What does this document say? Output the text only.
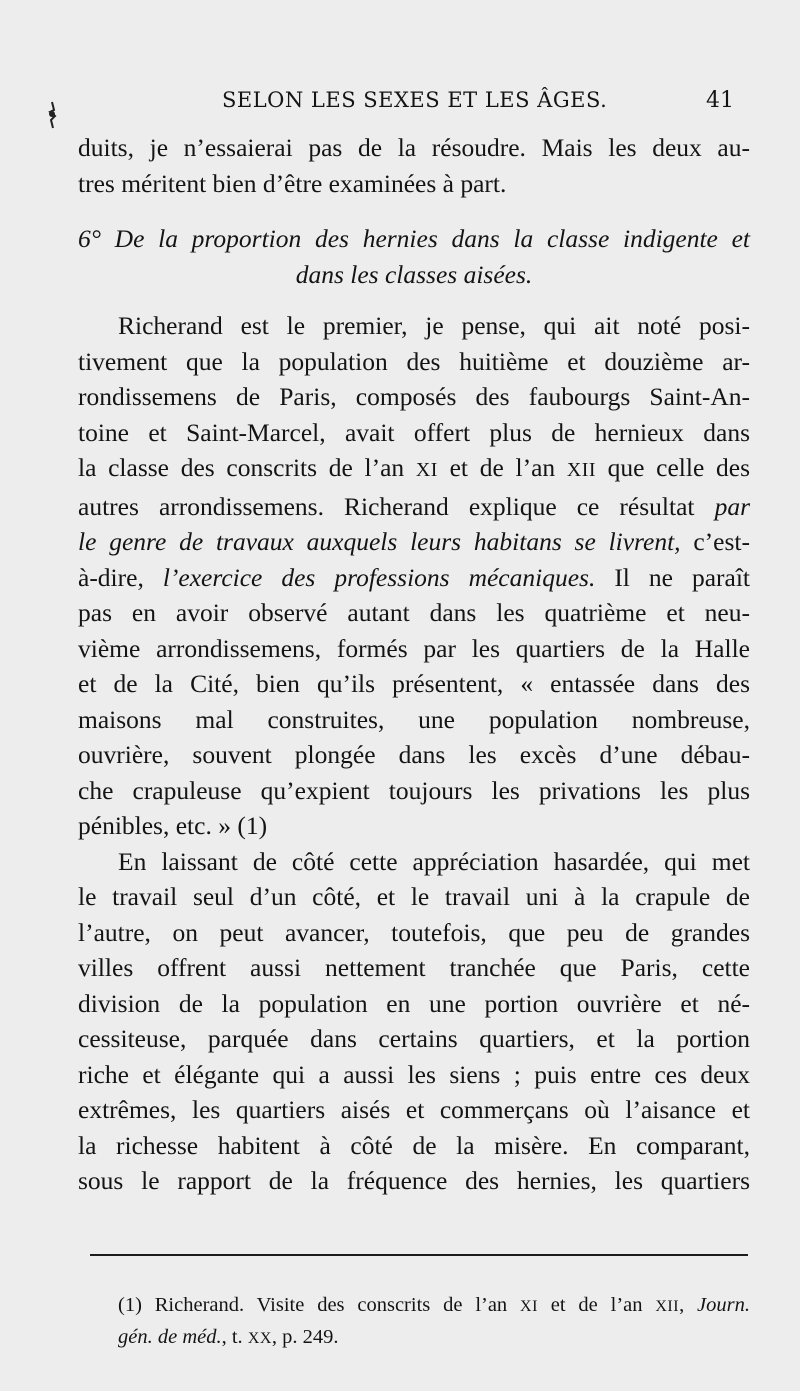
SELON LES SEXES ET LES ÂGES.	41
duits, je n’essaierai pas de la résoudre. Mais les deux au-
tres méritent bien d’être examinées à part.
6° De la proportion des hernies dans la classe indigente et
dans les classes aisées.
Richerand est le premier, je pense, qui ait noté posi-
tivement que la population des huitième et douzième ar-
rondissemens de Paris, composés des faubourgs Saint-An-
toine et Saint-Marcel, avait offert plus de hernieux dans
la classe des conscrits de l’an XI et de l’an XII que celle des
autres arrondissemens. Richerand explique ce résultat par
le genre de travaux auxquels leurs habitans se livrent, c’est-
à-dire, l’exercice des professions mécaniques. Il ne paraît
pas en avoir observé autant dans les quatrième et neu-
vième arrondissemens, formés par les quartiers de la Halle
et de la Cité, bien qu’ils présentent, « entassée dans des
maisons mal construites, une population nombreuse,
ouvrière, souvent plongée dans les excès d’une débau-
che crapuleuse qu’expient toujours les privations les plus
pénibles, etc. » (1)
En laissant de côté cette appréciation hasardée, qui met
le travail seul d’un côté, et le travail uni à la crapule de
l’autre, on peut avancer, toutefois, que peu de grandes
villes offrent aussi nettement tranchée que Paris, cette
division de la population en une portion ouvrière et né-
cessiteuse, parquée dans certains quartiers, et la portion
riche et élégante qui a aussi les siens ; puis entre ces deux
extrêmes, les quartiers aisés et commerçans où l’aisance et
la richesse habitent à côté de la misère. En comparant,
sous le rapport de la fréquence des hernies, les quartiers
(1) Richerand. Visite des conscrits de l’an XI et de l’an XII, Journ.
gén. de méd., t. XX, p. 249.
